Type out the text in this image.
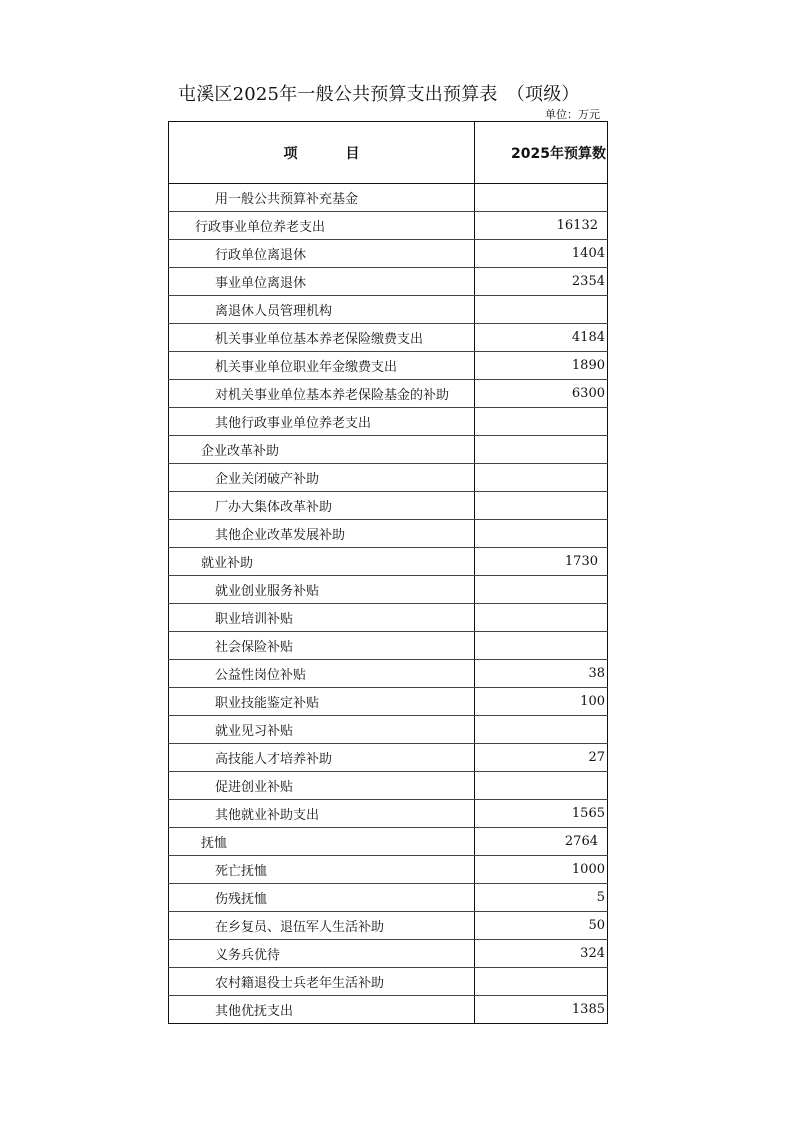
屯溪区2025年一般公共预算支出预算表　（项级）
单位：万元
项 目	2025年预算数
用一般公共预算补充基金	
行政事业单位养老支出	16132
行政单位离退休	1404
事业单位离退休	2354
离退休人员管理机构	
机关事业单位基本养老保险缴费支出	4184
机关事业单位职业年金缴费支出	1890
对机关事业单位基本养老保险基金的补助	6300
其他行政事业单位养老支出	
企业改革补助	
企业关闭破产补助	
厂办大集体改革补助	
其他企业改革发展补助	
就业补助	1730
就业创业服务补贴	
职业培训补贴	
社会保险补贴	
公益性岗位补贴	38
职业技能鉴定补贴	100
就业见习补贴	
高技能人才培养补助	27
促进创业补贴	
其他就业补助支出	1565
抚恤	2764
死亡抚恤	1000
伤残抚恤	5
在乡复员、退伍军人生活补助	50
义务兵优待	324
农村籍退役士兵老年生活补助	
其他优抚支出	1385
